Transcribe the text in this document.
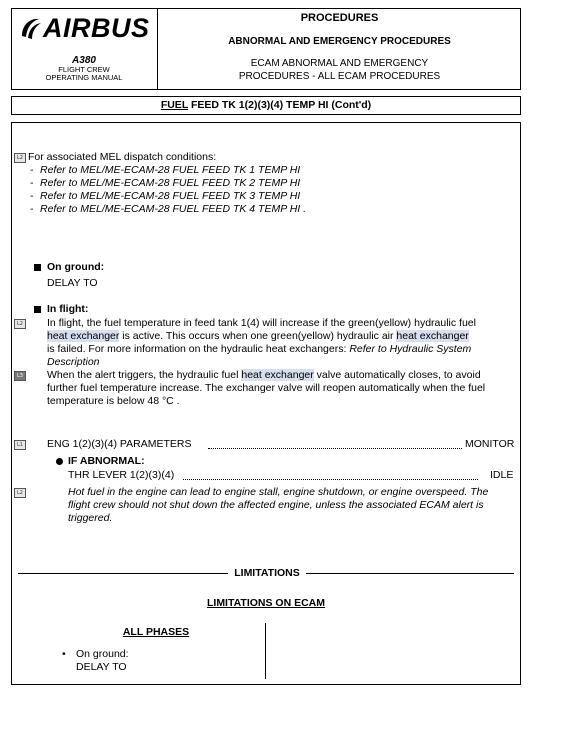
AIRBUS
A380
FLIGHT CREW
OPERATING MANUAL
PROCEDURES
ABNORMAL AND EMERGENCY PROCEDURES
ECAM ABNORMAL AND EMERGENCY
PROCEDURES - ALL ECAM PROCEDURES
FUEL FEED TK 1(2)(3)(4) TEMP HI (Cont'd)
L2 For associated MEL dispatch conditions:
- Refer to MEL/ME-ECAM-28 FUEL FEED TK 1 TEMP HI
- Refer to MEL/ME-ECAM-28 FUEL FEED TK 2 TEMP HI
- Refer to MEL/ME-ECAM-28 FUEL FEED TK 3 TEMP HI
- Refer to MEL/ME-ECAM-28 FUEL FEED TK 4 TEMP HI .
On ground:
DELAY TO
In flight:
L2 In flight, the fuel temperature in feed tank 1(4) will increase if the green(yellow) hydraulic fuel
heat exchanger is active. This occurs when one green(yellow) hydraulic air heat exchanger
is failed. For more information on the hydraulic heat exchangers: Refer to Hydraulic System
Description
L3 When the alert triggers, the hydraulic fuel heat exchanger valve automatically closes, to avoid
further fuel temperature increase. The exchanger valve will reopen automatically when the fuel
temperature is below 48 °C .
L1 ENG 1(2)(3)(4) PARAMETERS	MONITOR
IF ABNORMAL:
THR LEVER 1(2)(3)(4)	IDLE
L2	Hot fuel in the engine can lead to engine stall, engine shutdown, or engine overspeed. The
flight crew should not shut down the affected engine, unless the associated ECAM alert is
triggered.
LIMITATIONS
LIMITATIONS ON ECAM
ALL PHASES
• On ground:
DELAY TO
